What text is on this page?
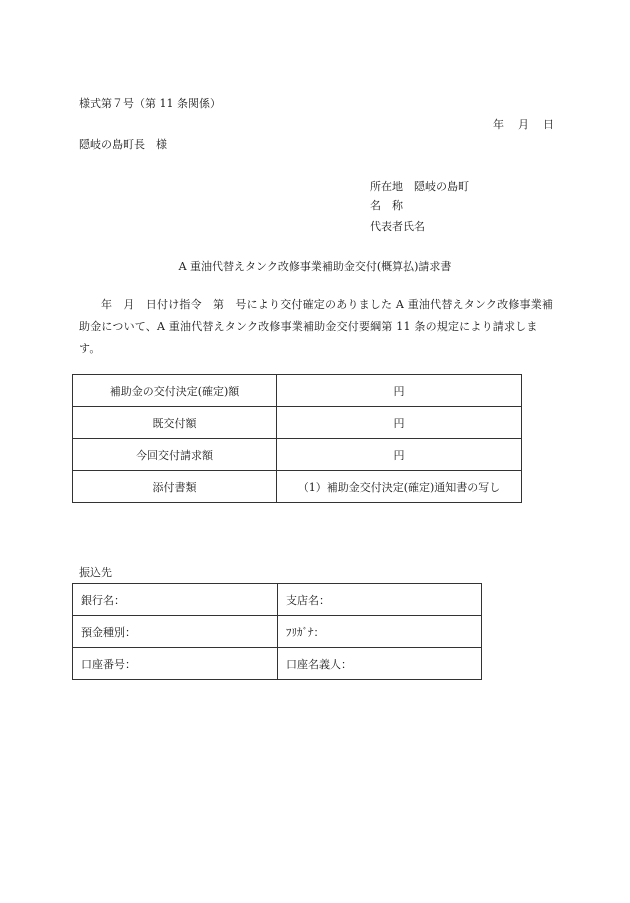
様式第７号（第 11 条関係）
年 月 日
隠岐の島町長　様
所在地　隠岐の島町
名　称
代表者氏名
A 重油代替えタンク改修事業補助金交付(概算払)請求書
年　月　日付け指令　第　号により交付確定のありました A 重油代替えタンク改修事業補助金について、A 重油代替えタンク改修事業補助金交付要綱第 11 条の規定により請求します。
補助金の交付決定(確定)額	円
既交付額	円
今回交付請求額	円
添付書類	（1）補助金交付決定(確定)通知書の写し
振込先
銀行名：	支店名：
預金種別：	ﾌﾘｶﾞﾅ：
口座番号：	口座名義人：
